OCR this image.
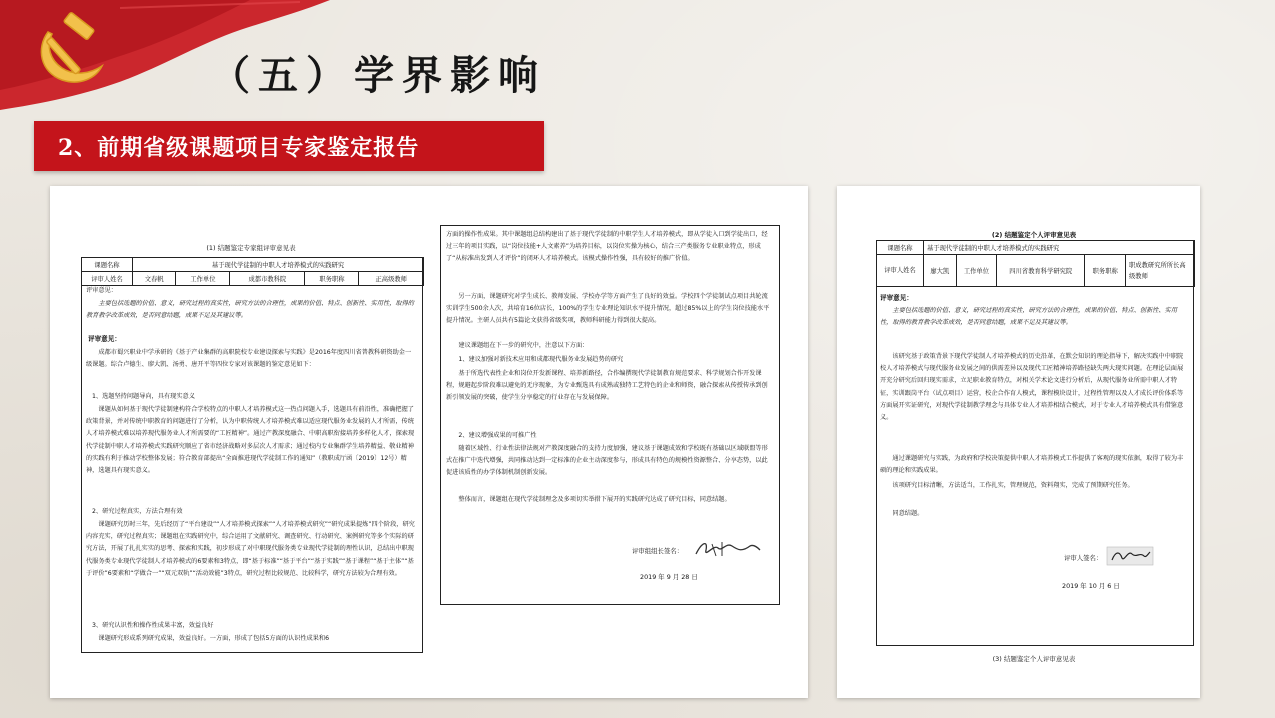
（五）学界影响
2、前期省级课题项目专家鉴定报告
(1) 结题鉴定专家组评审意见表
课题名称	基于现代学徒制的中职人才培养模式的实践研究				
评审人姓名	文春帆	工作单位	成都市教科院	职务职称	正高级教师
评审意见：
主要包括选题的价值、意义，研究过程的真实性，研究方法的合理性，成果的价值、特点、创新性、实用性，取得的教育教学改革成效，是否同意结题，成果不足及其建议等。
评审意见：
成都市蜀兴职业中学承研的《基于产业集群的高职院校专业建设探索与实践》是2016年度四川省普教科研资助金一级课题。综合卢德生、廖大凯、汤勇、唐开平等四位专家对该课题的鉴定意见如下：
1、选题坚持问题导向，具有现实意义
课题从如何基于现代学徒制建构符合学校特点的中职人才培养模式这一热点问题入手，选题具有前沿性，准确把握了政策背景，并对传统中职教育的问题进行了分析，认为中职传统人才培养模式难以适应现代服务业发展的人才所需，传统人才培养模式难以培养现代服务业人才所需要的“工匠精神”。通过产教深度融合、中职高职衔接培养多样化人才，探索现代学徒制中职人才培养模式实践研究顺应了省市经济战略对多层次人才需求；通过校内专业集群学生培养精益、敬业精神的实践有利于推动学校整体发展；符合教育部提出“全面推进现代学徒制工作的通知”（教职成厅函〔2019〕12号）精神，选题具有现实意义。
2、研究过程真实，方法合理有效
课题研究历时三年，先后经历了“平台建设”“人才培养模式探索”“人才培养模式研究”“研究成果提炼”四个阶段，研究内容充实，研究过程真实；课题组在实践研究中，综合运用了文献研究、调查研究、行动研究、案例研究等多个实际的研究方法，开展了扎扎实实的思考、探索和实践，初步形成了对中职现代服务类专业现代学徒制的理性认识，总结出中职现代服务类专业现代学徒制人才培养模式的6要素和3特点，即“基于标准”“基于平台”“基于实践”“基于课程”“基于主体”“基于评价”6要素和“学做合一”“双元双轨”“活动效能”3特点，研究过程比较规范、比较科学，研究方法较为合理有效。
3、研究认识性和操作性成果丰富，效益良好
课题研究形成系列研究成果，效益良好。一方面，形成了包括5方面的认识性成果和6
方面的操作性成果。其中课题组总结构建出了基于现代学徒制的中职学生人才培养模式，即从学徒入口到学徒出口，经过三年的项目实践，以“岗位技能+人文素养”为培养目标，以岗位实操为核心，结合三产类服务专业职业特点，形成了“从标准出发到人才评价”的闭环人才培养模式。该模式操作性强，具有较好的推广价值。
另一方面，课题研究对学生成长、教师发展、学校办学等方面产生了良好的效益。学校四个学徒制试点项目共轮流实训学生500余人次，共培育16位店长，100%的学生专业理论知识水平提升情况，超过85%以上的学生岗位技能水平提升情况。主研人员共有5篇论文获得省级奖项，教师科研能力得到很大提高。
建议课题组在下一步的研究中，注意以下方面：
1、建议加强对新技术应用和成都现代服务业发展趋势的研究
基于所选代表性企业和岗位开发新课程、培养新路径，合作编撰现代学徒制教育规范要求、科学规划合作开发课程，规避起步阶段难以避免的无序现象，为专业甄选具有成熟或独特工艺特色的企业和师资，融合探索从传授传承到创新引领发展的突破，使学生分享稳定的行业存在与发展保障。
2、建议增强成果的可推广性
随着区域性、行业性法律法规对产教深度融合的支持力度加强，建议基于课题成效和学校既有基础以区域联盟等形式在推广中迭代增强，共同推动达到一定标准的企业主动深度参与，形成具有特色的规模性资源整合、分享态势，以此促进该质性的办学体制机制创新发展。
整体而言，课题组在现代学徒制理念及多项切实举措下展开的实践研究达成了研究目标，同意结题。
评审组组长签名：
2019 年 9 月 28 日
(2) 结题鉴定个人评审意见表
课题名称	基于现代学徒制的中职人才培养模式的实践研究				
评审人姓名	廖大凯	工作单位	四川省教育科学研究院	职务职称	职成教研究所所长高级教师
评审意见：
主要包括选题的价值、意义，研究过程的真实性，研究方法的合理性，成果的价值、特点、创新性、实用性，取得的教育教学改革成效，是否同意结题，成果不足及其建议等。
该研究基于政策背景下现代学徒制人才培养模式的历史沿革，在默会知识的理论指导下，解决实践中中职院校人才培养模式与现代服务业发展之间的供需差异以及现代工匠精神培养路径缺失两大现实问题。在理论层面展开充分研究后回归现实需求，立足职业教育特点，对相关学术论文进行分析后，从现代服务业所需中职人才特征，实训跟岗平台（试点项目）运营，校企合作育人模式，课程模块设计，过程性管理以及人才成长评价体系等方面展开实证研究，对现代学徒制教学理念与具体专业人才培养相结合模式，对于专业人才培养模式具有借鉴意义。
通过课题研究与实践，为政府和学校决策提供中职人才培养模式工作提供了客观的现实依据，取得了较为丰硕的理论和实践成果。
该项研究目标清晰，方法适当，工作扎实，管理规范，资料翔实，完成了预期研究任务。
同意结题。
评审人签名：
2019 年 10 月 6 日
(3) 结题鉴定个人评审意见表
